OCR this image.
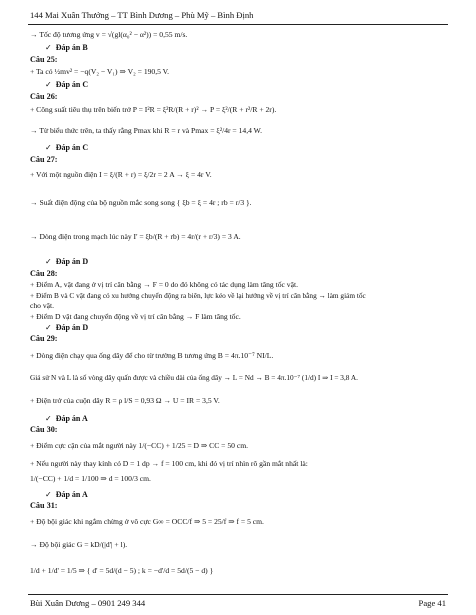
144 Mai Xuân Thưởng – TT Bình Dương – Phù Mỹ – Bình Định
→ Tốc độ tương ứng v = √(gl(α₀² − α²)) = 0,55 m/s.
✓ Đáp án B
Câu 25:
+ Ta có ½mv² = −q(V₂ − V₁) ⇒ V₂ = 190,5 V.
✓ Đáp án C
Câu 26:
+ Công suất tiêu thụ trên biến trở P = I²R = ξ²R/(R + r)² → P = ξ²/(R + r²/R + 2r).
→ Từ biểu thức trên, ta thấy rằng Pmax khi R = r và Pmax = ξ²/4r = 14,4 W.
✓ Đáp án C
Câu 27:
+ Với một nguồn điện I = ξ/(R + r) = ξ/2r = 2 A → ξ = 4r V.
→ Suất điện động của bộ nguồn mắc song song { ξb = ξ = 4r ; rb = r/3 }.
→ Dòng điện trong mạch lúc này I' = ξb/(R + rb) = 4r/(r + r/3) = 3 A.
✓ Đáp án D
Câu 28:
+ Điểm A, vật đang ở vị trí cân bằng → F = 0 do đó không có tác dụng làm tăng tốc vật.
+ Điểm B và C vật đang có xu hướng chuyển động ra biên, lực kéo về lại hướng về vị trí cân bằng → làm giảm tốc
cho vật.
+ Điểm D vật đang chuyển động về vị trí cân bằng → F làm tăng tốc.
✓ Đáp án D
Câu 29:
+ Dòng điện chạy qua ống dây để cho từ trường B tương ứng B = 4π.10⁻⁷ NI/L.
Giả sử N và L là số vòng dây quấn được và chiều dài của ống dây → L = Nd → B = 4π.10⁻⁷ (1/d) I ⇒ I = 3,8 A.
+ Điện trở của cuộn dây R = ρ l/S = 0,93 Ω → U = IR = 3,5 V.
✓ Đáp án A
Câu 30:
+ Điểm cực cận của mắt người này 1/(−CC) + 1/25 = D ⇒ CC = 50 cm.
+ Nếu người này thay kính có D = 1 dp → f = 100 cm, khi đó vị trí nhìn rõ gần mắt nhất là:
1/(−CC) + 1/d = 1/100 ⇒ d = 100/3 cm.
✓ Đáp án A
Câu 31:
+ Độ bội giác khi ngắm chừng ở vô cực G∞ = OCC/f ⇒ 5 = 25/f ⇒ f = 5 cm.
→ Độ bội giác G = kD/(|d'| + l).
1/d + 1/d' = 1/5 ⇒ { d' = 5d/(d − 5) ; k = −d'/d = 5d/(5 − d) }
Bùi Xuân Dương – 0901 249 344	Page 41
